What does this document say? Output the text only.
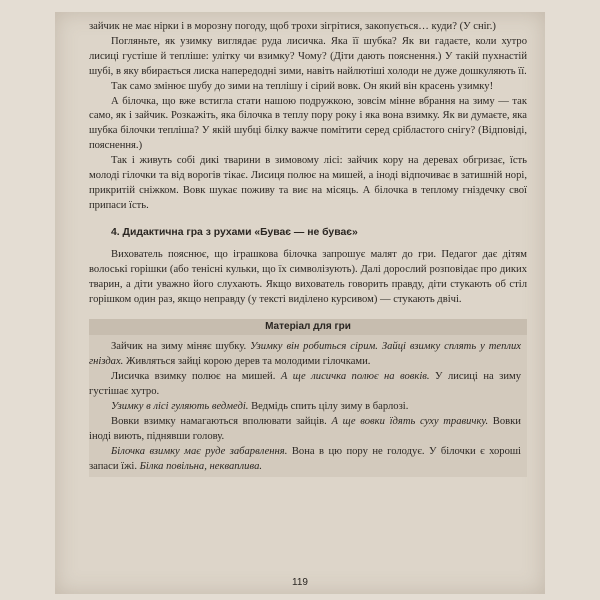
зайчик не має нірки і в морозну погоду, щоб трохи зігрітися, закопується… куди? (У сніг.)

Погляньте, як узимку виглядає руда лисичка. Яка її шубка? Як ви гадаєте, коли хутро лисиці густіше й тепліше: улітку чи взимку? Чому? (Діти дають пояснення.) У такій пухнастій шубі, в яку вбирається лиска напередодні зими, навіть найлютіші холоди не дуже дошкуляють її.

Так само змінює шубу до зими на теплішу і сірий вовк. Он який він красень узимку!

А білочка, що вже встигла стати нашою подружкою, зовсім мінне вбрання на зиму — так само, як і зайчик. Розкажіть, яка білочка в теплу пору року і яка вона взимку. Як ви думаєте, яка шубка білочки тепліша? У якій шубці білку важче помітити серед срібластого снігу? (Відповіді, пояснення.)

Так і живуть собі дикі тварини в зимовому лісі: зайчик кору на деревах обгризає, їсть молоді гілочки та від ворогів тікає. Лисиця полює на мишей, а іноді відпочиває в затишній норі, прикритій сніжком. Вовк шукає поживу та виє на місяць. А білочка в теплому гніздечку свої припаси їсть.

4. Дидактична гра з рухами «Буває — не буває»

Вихователь пояснює, що іграшкова білочка запрошує малят до гри. Педагог дає дітям волоські горішки (або тенісні кульки, що їх символізують). Далі дорослий розповідає про диких тварин, а діти уважно його слухають. Якщо вихователь говорить правду, діти стукають об стіл горішком один раз, якщо неправду (у тексті виділено курсивом) — стукають двічі.

Матеріал для гри

Зайчик на зиму міняє шубку. Узимку він робиться сірим. Зайці взимку сплять у теплих гніздах. Живляться зайці корою дерев та молодими гілочками.

Лисичка взимку полює на мишей. А ще лисичка полює на вовків. У лисиці на зиму густішає хутро.

Узимку в лісі гуляють ведмеді. Ведмідь спить цілу зиму в барлозі.

Вовки взимку намагаються вполювати зайців. А ще вовки їдять суху травичку. Вовки іноді виють, піднявши голову.

Білочка взимку має руде забарвлення. Вона в цю пору не голодує. У білочки є хороші запаси їжі. Білка повільна, неквапливa.

119
